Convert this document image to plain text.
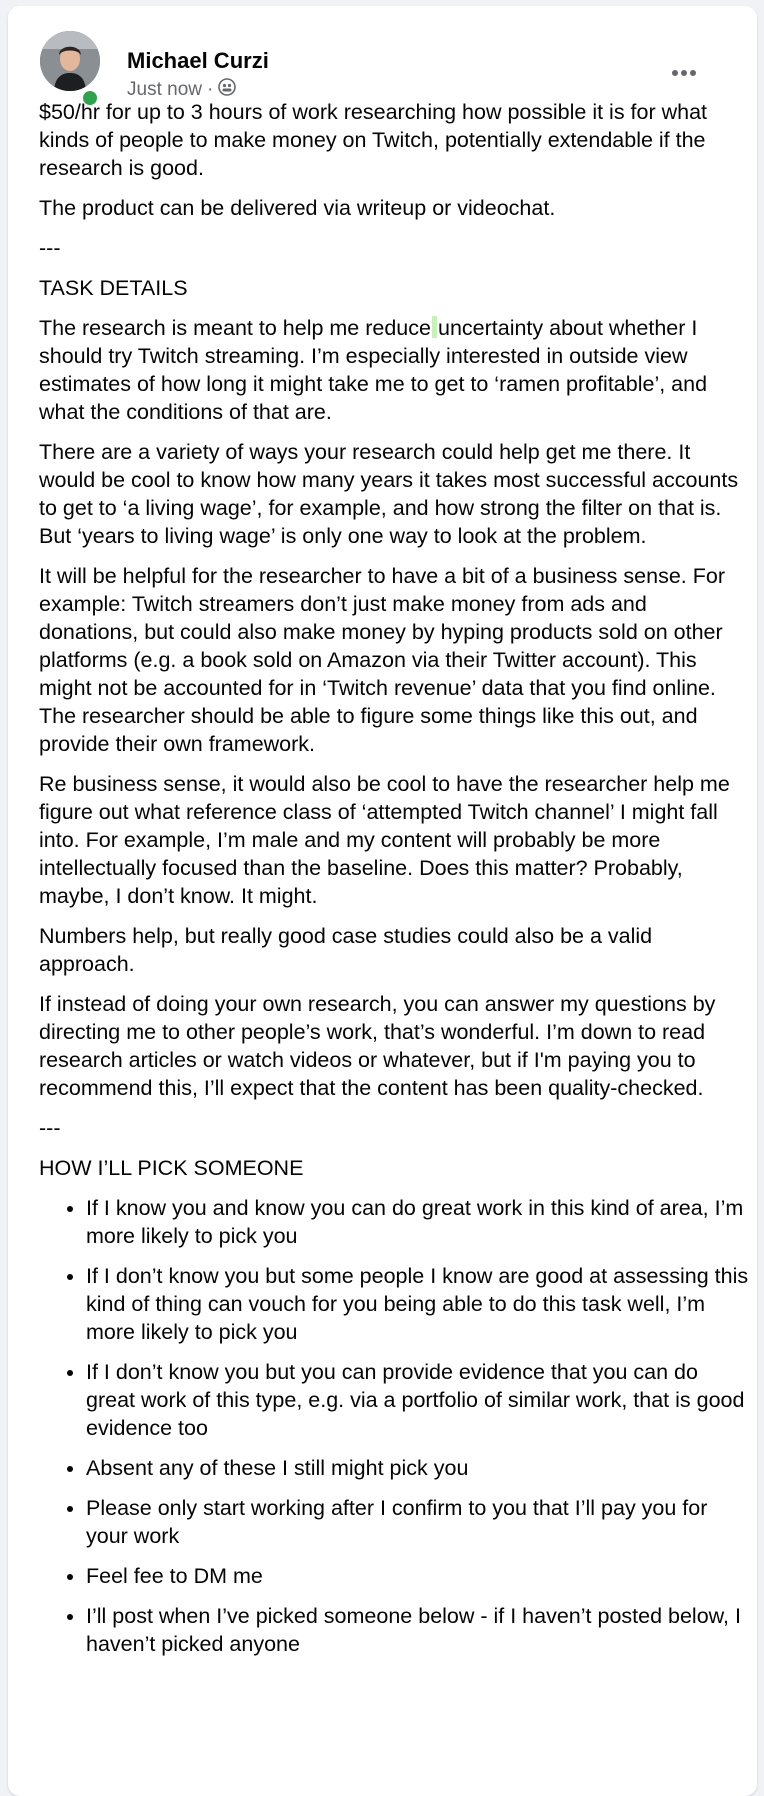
Michael Curzi
Just now ·

$50/hr for up to 3 hours of work researching how possible it is for what kinds of people to make money on Twitch, potentially extendable if the research is good.

The product can be delivered via writeup or videochat.

---

TASK DETAILS

The research is meant to help me reduce uncertainty about whether I should try Twitch streaming. I’m especially interested in outside view estimates of how long it might take me to get to ‘ramen profitable’, and what the conditions of that are.

There are a variety of ways your research could help get me there. It would be cool to know how many years it takes most successful accounts to get to ‘a living wage’, for example, and how strong the filter on that is. But ‘years to living wage’ is only one way to look at the problem.

It will be helpful for the researcher to have a bit of a business sense. For example: Twitch streamers don’t just make money from ads and donations, but could also make money by hyping products sold on other platforms (e.g. a book sold on Amazon via their Twitter account). This might not be accounted for in ‘Twitch revenue’ data that you find online. The researcher should be able to figure some things like this out, and provide their own framework.

Re business sense, it would also be cool to have the researcher help me figure out what reference class of ‘attempted Twitch channel’ I might fall into. For example, I’m male and my content will probably be more intellectually focused than the baseline. Does this matter? Probably, maybe, I don’t know. It might.

Numbers help, but really good case studies could also be a valid approach.

If instead of doing your own research, you can answer my questions by directing me to other people’s work, that’s wonderful. I’m down to read research articles or watch videos or whatever, but if I'm paying you to recommend this, I’ll expect that the content has been quality-checked.

---

HOW I’LL PICK SOMEONE

• If I know you and know you can do great work in this kind of area, I’m more likely to pick you
• If I don’t know you but some people I know are good at assessing this kind of thing can vouch for you being able to do this task well, I’m more likely to pick you
• If I don’t know you but you can provide evidence that you can do great work of this type, e.g. via a portfolio of similar work, that is good evidence too
• Absent any of these I still might pick you
• Please only start working after I confirm to you that I’ll pay you for your work
• Feel fee to DM me
• I’ll post when I’ve picked someone below - if I haven’t posted below, I haven’t picked anyone
